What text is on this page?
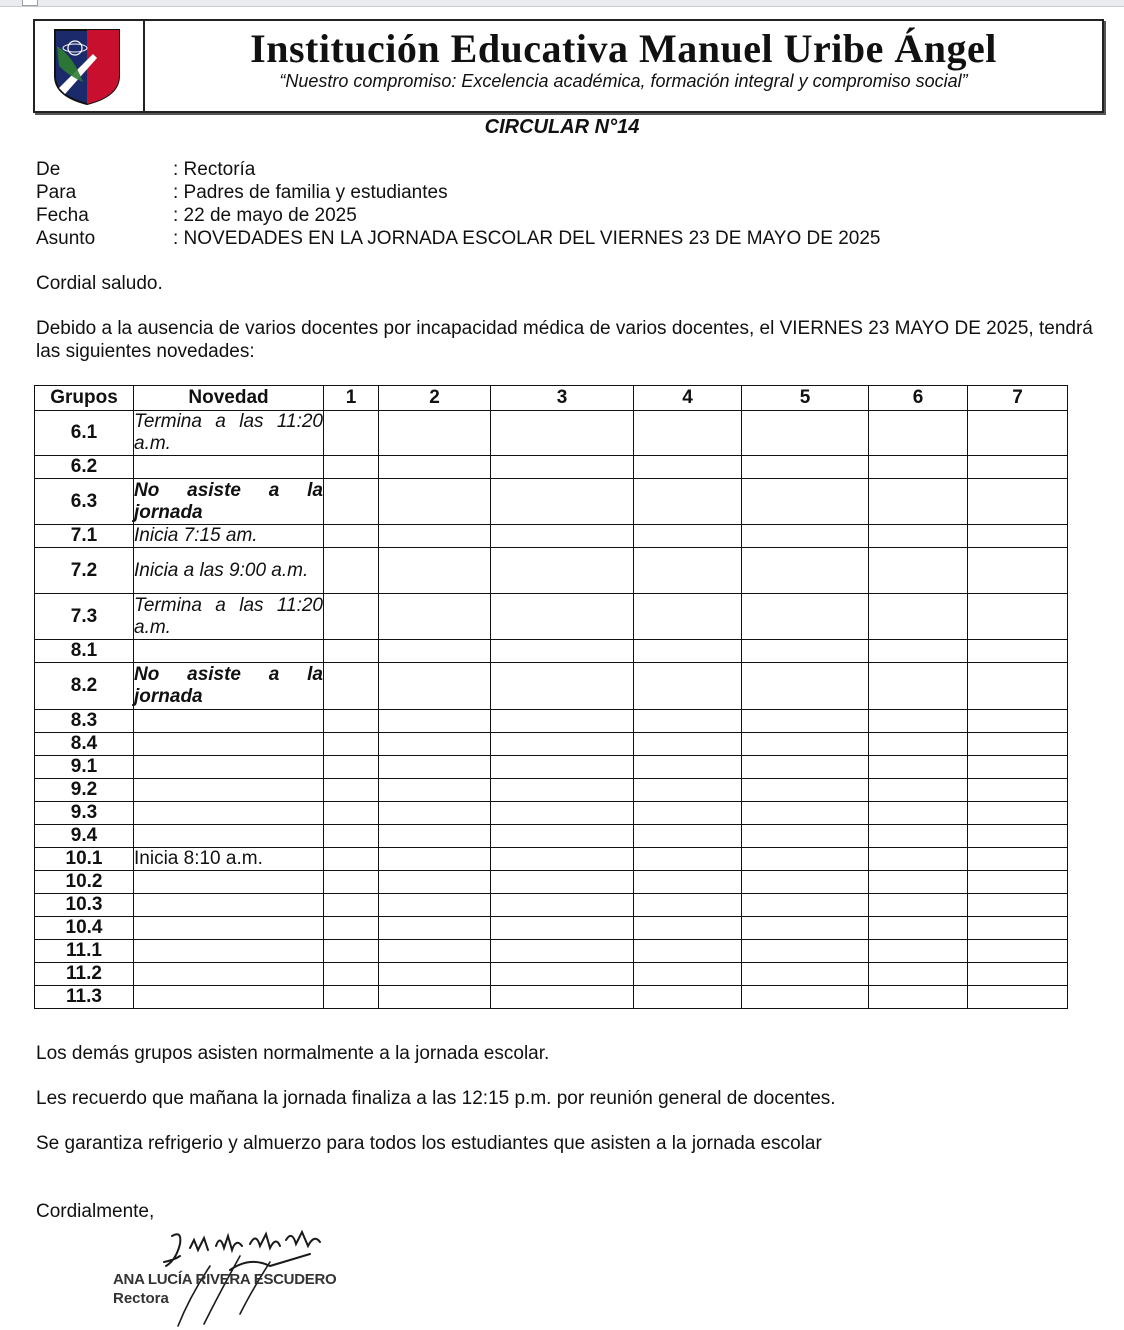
Institución Educativa Manuel Uribe Ángel
“Nuestro compromiso: Excelencia académica, formación integral y compromiso social”
CIRCULAR N°14
De	: Rectoría
Para	: Padres de familia y estudiantes
Fecha	: 22 de mayo de 2025
Asunto	: NOVEDADES EN LA JORNADA ESCOLAR DEL VIERNES 23 DE MAYO DE 2025
Cordial saludo.
Debido a la ausencia de varios docentes por incapacidad médica de varios docentes, el VIERNES 23 MAYO DE 2025, tendrá las siguientes novedades:
Grupos	Novedad	1	2	3	4	5	6	7
6.1	Termina a las 11:20 a.m.							
6.2								
6.3	No asiste a la jornada							
7.1	Inicia 7:15 am.							
7.2	Inicia a las 9:00 a.m.							
7.3	Termina a las 11:20 a.m.							
8.1								
8.2	No asiste a la jornada							
8.3								
8.4								
9.1								
9.2								
9.3								
9.4								
10.1	Inicia 8:10 a.m.							
10.2								
10.3								
10.4								
11.1								
11.2								
11.3								
Los demás grupos asisten normalmente a la jornada escolar.
Les recuerdo que mañana la jornada finaliza a las 12:15 p.m. por reunión general de docentes.
Se garantiza refrigerio y almuerzo para todos los estudiantes que asisten a la jornada escolar
Cordialmente,
ANA LUCÍA RIVERA ESCUDERO
Rectora
